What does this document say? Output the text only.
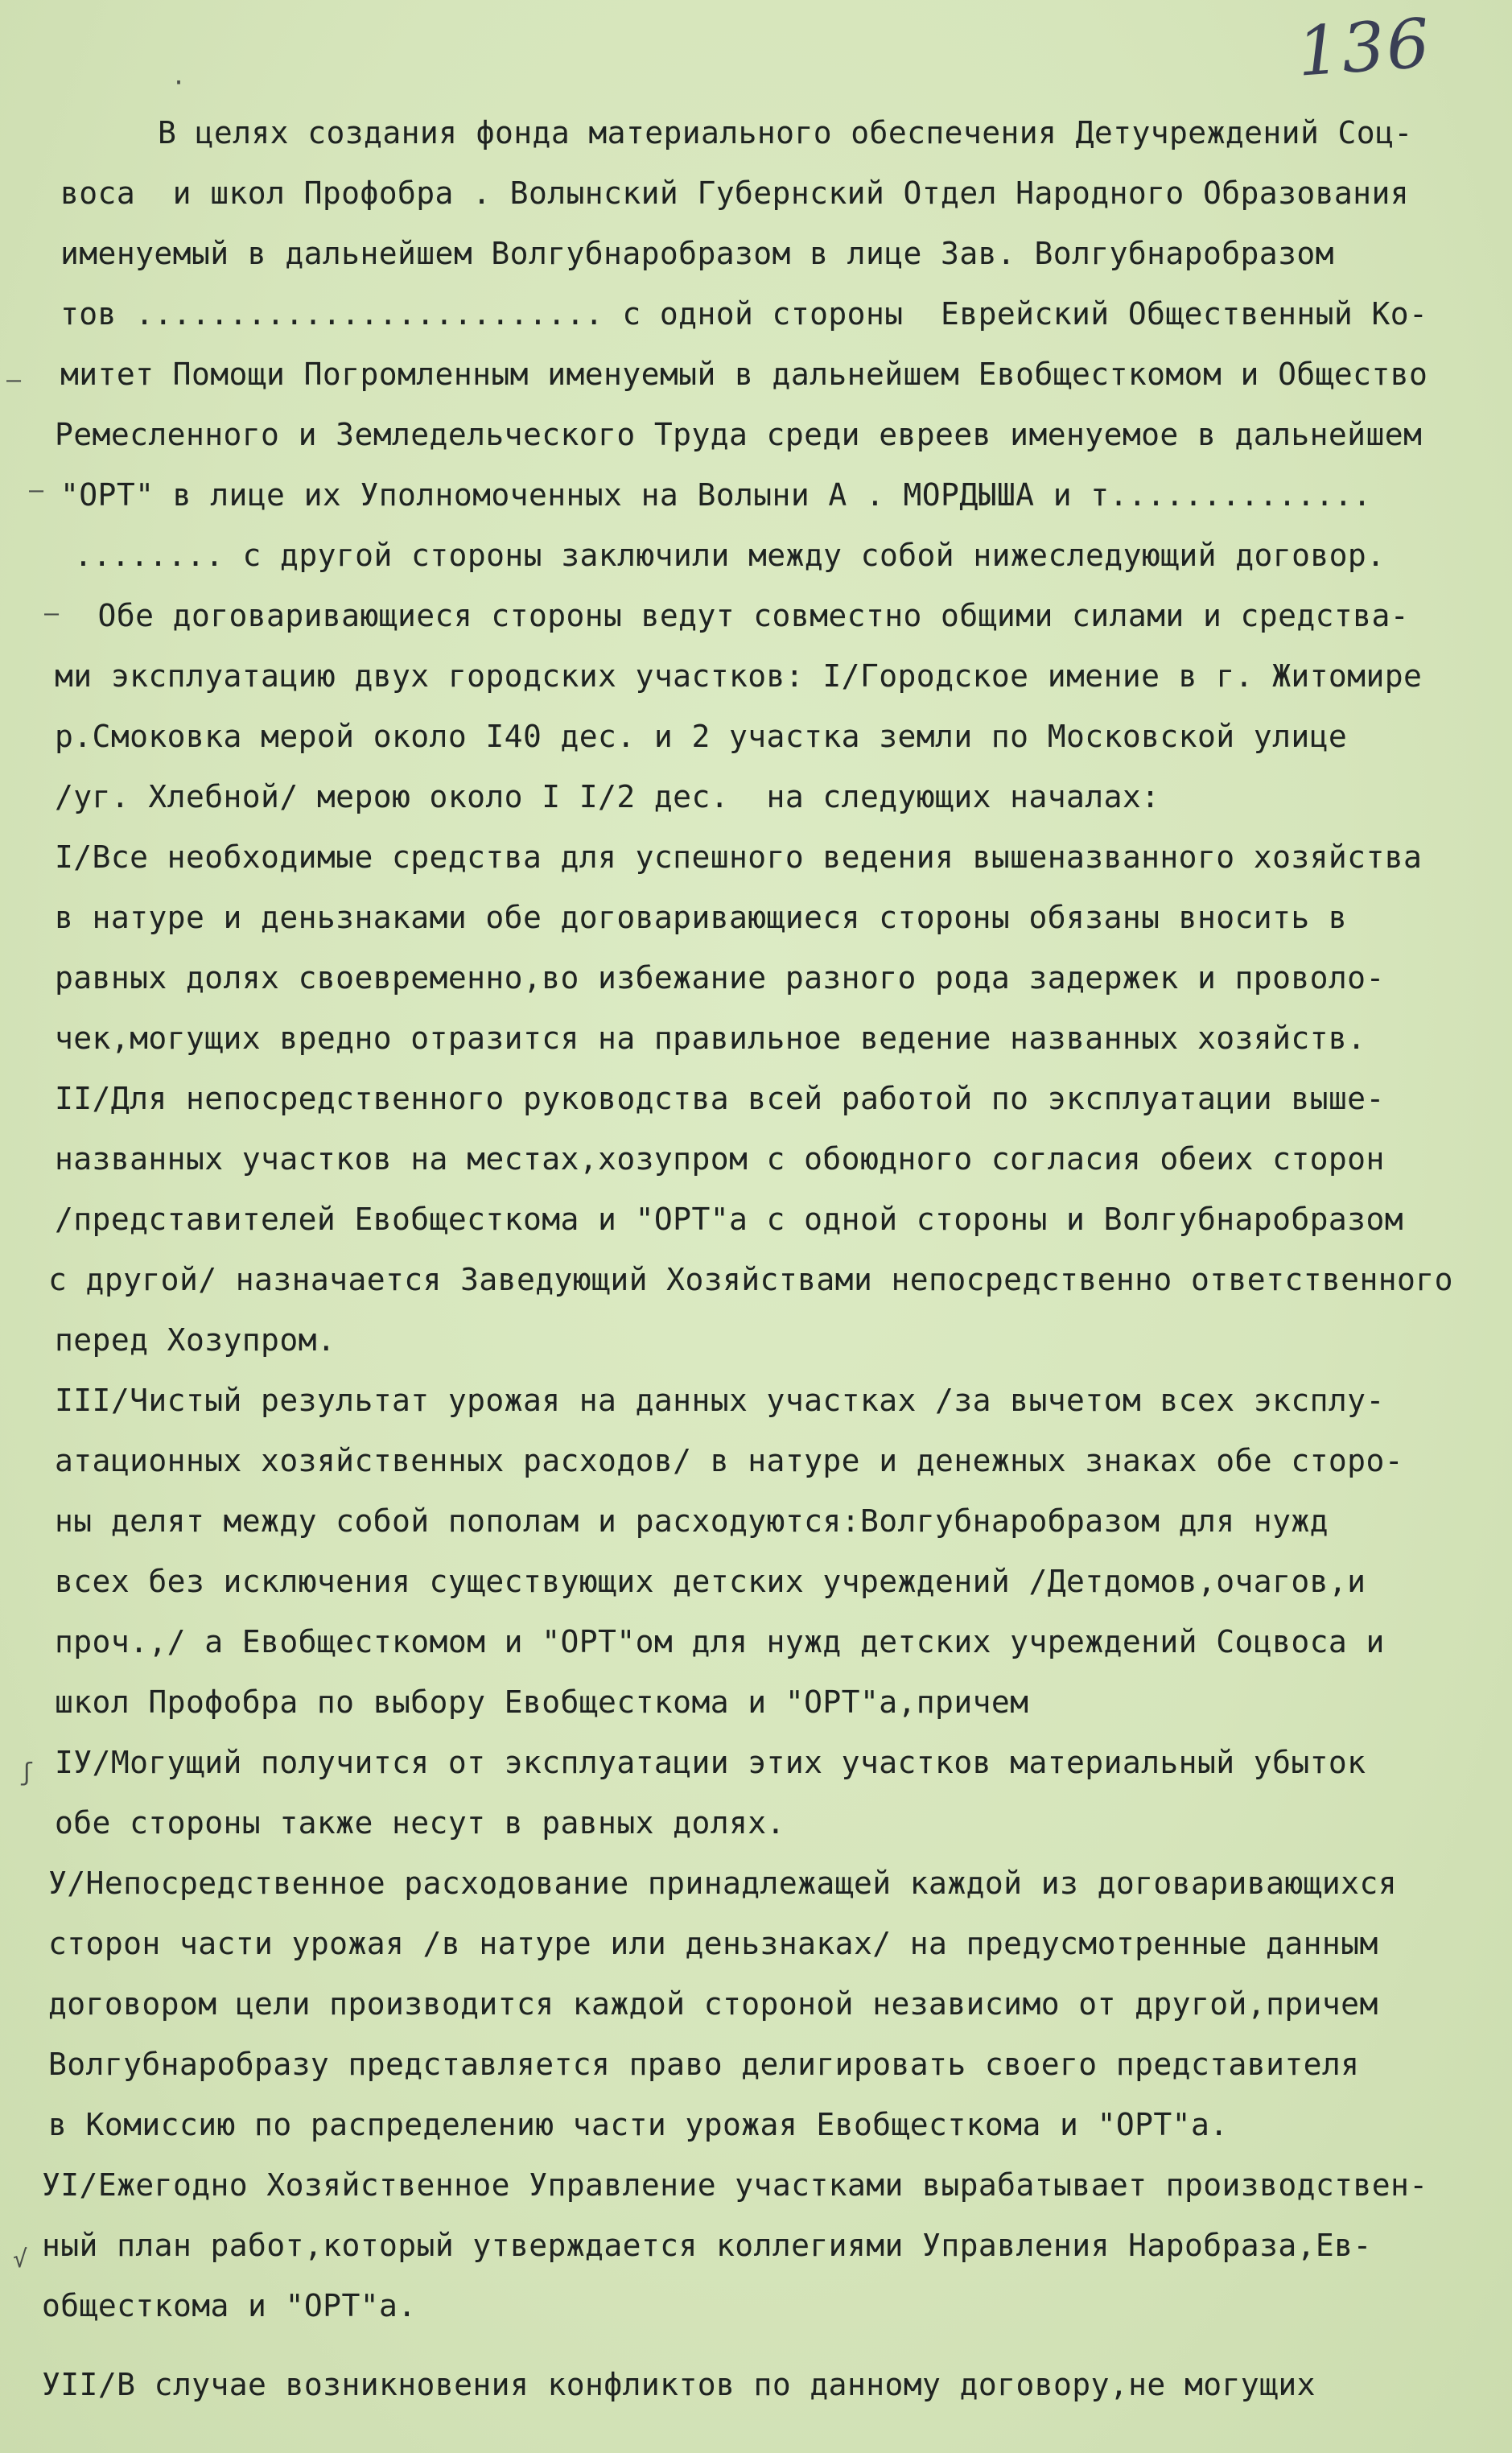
136
·
–
–
–
ʃ
√
В целях создания фонда материального обеспечения Детучреждений Соц-
воса  и школ Профобра . Волынский Губернский Отдел Народного Образования
именуемый в дальнейшем Волгубнаробразом в лице Зав. Волгубнаробразом
тов ......................... с одной стороны  Еврейский Общественный Ко-
митет Помощи Погромленным именуемый в дальнейшем Евобщесткомом и Общество
Ремесленного и Земледельческого Труда среди евреев именуемое в дальнейшем
"ОРТ" в лице их Уполномоченных на Волыни А . МОРДЫША и т..............
........ с другой стороны заключили между собой нижеследующий договор.
Обе договаривающиеся стороны ведут совместно общими силами и средства-
ми эксплуатацию двух городских участков: I/Городское имение в г. Житомире
р.Смоковка мерой около I40 дес. и 2 участка земли по Московской улице
/уг. Хлебной/ мерою около I I/2 дес.  на следующих началах:
I/Все необходимые средства для успешного ведения вышеназванного хозяйства
в натуре и деньзнаками обе договаривающиеся стороны обязаны вносить в
равных долях своевременно,во избежание разного рода задержек и проволо-
чек,могущих вредно отразится на правильное ведение названных хозяйств.
II/Для непосредственного руководства всей работой по эксплуатации выше-
названных участков на местах,хозупром с обоюдного согласия обеих сторон
/представителей Евобщесткома и "ОРТ"а с одной стороны и Волгубнаробразом
с другой/ назначается Заведующий Хозяйствами непосредственно ответственного
перед Хозупром.
III/Чистый результат урожая на данных участках /за вычетом всех эксплу-
атационных хозяйственных расходов/ в натуре и денежных знаках обе сторо-
ны делят между собой пополам и расходуются:Волгубнаробразом для нужд
всех без исключения существующих детских учреждений /Детдомов,очагов,и
проч.,/ а Евобщесткомом и "ОРТ"ом для нужд детских учреждений Соцвоса и
школ Профобра по выбору Евобщесткома и "ОРТ"а,причем
IУ/Могущий получится от эксплуатации этих участков материальный убыток
обе стороны также несут в равных долях.
У/Непосредственное расходование принадлежащей каждой из договаривающихся
сторон части урожая /в натуре или деньзнаках/ на предусмотренные данным
договором цели производится каждой стороной независимо от другой,причем
Волгубнаробразу представляется право делигировать своего представителя
в Комиссию по распределению части урожая Евобщесткома и "ОРТ"а.
УI/Ежегодно Хозяйственное Управление участками вырабатывает производствен-
ный план работ,который утверждается коллегиями Управления Наробраза,Ев-
общесткома и "ОРТ"а.
УII/В случае возникновения конфликтов по данному договору,не могущих
